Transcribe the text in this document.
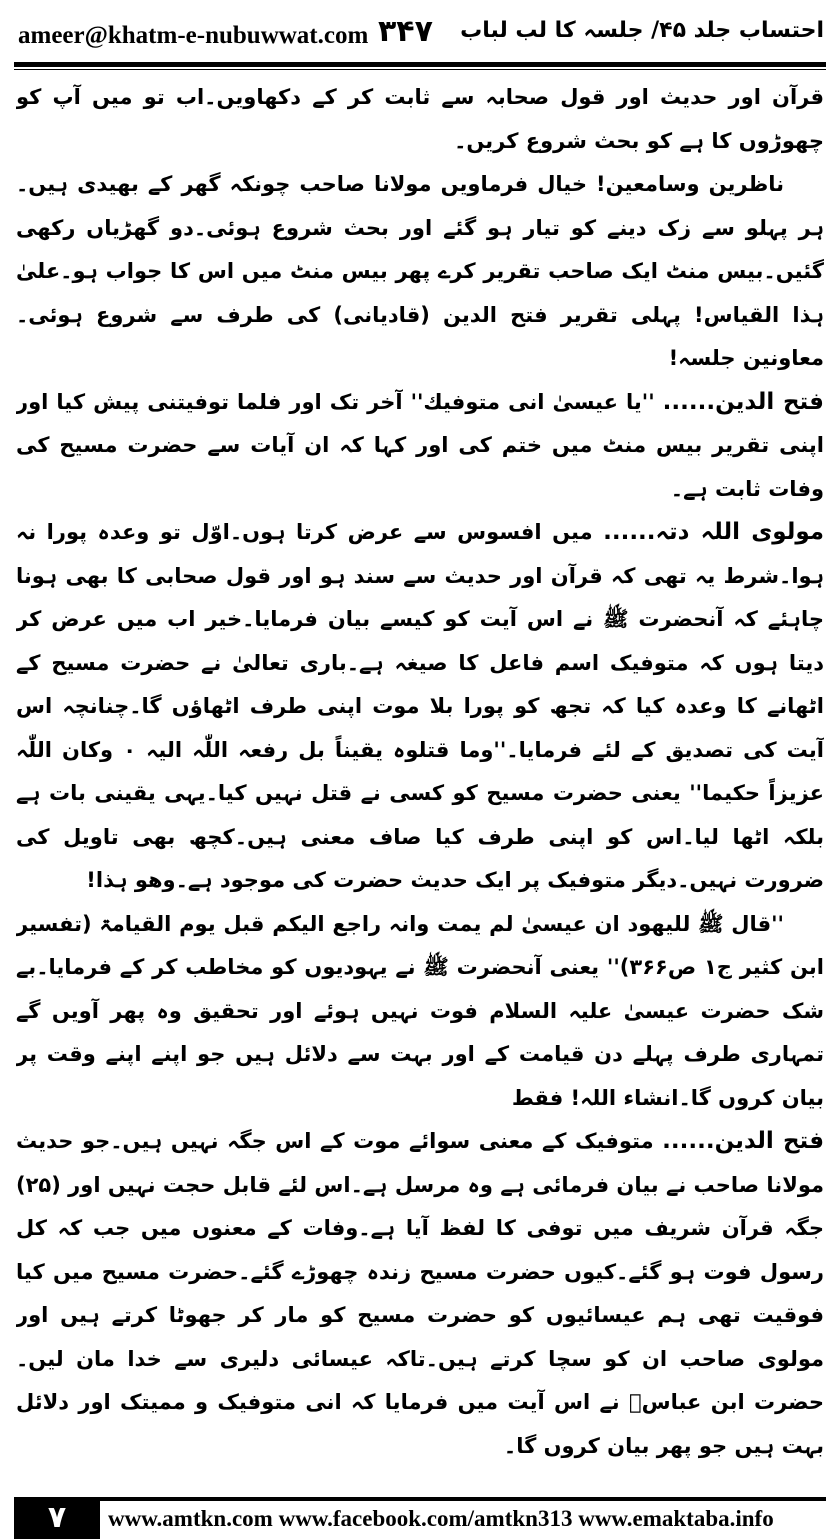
ameer@khatm-e-nubuwwat.com ۳۴۷ احتساب جلد ۴۵/ جلسہ کا لب لباب

قرآن اور حدیث اور قول صحابہ سے ثابت کر کے دکھاویں۔اب تو میں آپ کو چھوڑوں کا ہے کو بحث شروع کریں۔

ناظرین وسامعین! خیال فرماویں مولانا صاحب چونکہ گھر کے بھیدی ہیں۔ہر پہلو سے زک دینے کو تیار ہو گئے اور بحث شروع ہوئی۔دو گھڑیاں رکھی گئیں۔بیس منٹ ایک صاحب تقریر کرے پھر بیس منٹ میں اس کا جواب ہو۔علیٰ ہذا القیاس! پہلی تقریر فتح الدین (قادیانی) کی طرف سے شروع ہوئی۔معاونین جلسہ!

فتح الدین...... ''یا عیسیٰ انی متوفیك'' آخر تک اور فلما توفیتنی پیش کیا اور اپنی تقریر بیس منٹ میں ختم کی اور کہا کہ ان آیات سے حضرت مسیح کی وفات ثابت ہے۔

مولوی اللہ دتہ...... میں افسوس سے عرض کرتا ہوں۔اوّل تو وعدہ پورا نہ ہوا۔شرط یہ تھی کہ قرآن اور حدیث سے سند ہو اور قول صحابی کا بھی ہونا چاہئے کہ آنحضرت ﷺ نے اس آیت کو کیسے بیان فرمایا۔خیر اب میں عرض کر دیتا ہوں کہ متوفیک اسم فاعل کا صیغہ ہے۔باری تعالیٰ نے حضرت مسیح کے اٹھانے کا وعدہ کیا کہ تجھ کو پورا بلا موت اپنی طرف اٹھاؤں گا۔چنانچہ اس آیت کی تصدیق کے لئے فرمایا۔''وما قتلوہ یقیناً بل رفعہ اللّٰہ الیہ ۰ وکان اللّٰہ عزیزاً حکیما'' یعنی حضرت مسیح کو کسی نے قتل نہیں کیا۔یہی یقینی بات ہے بلکہ اٹھا لیا۔اس کو اپنی طرف کیا صاف معنی ہیں۔کچھ بھی تاویل کی ضرورت نہیں۔دیگر متوفیک پر ایک حدیث حضرت کی موجود ہے۔وھو ہذا!

''قال ﷺ للیھود ان عیسیٰ لم یمت وانہ راجع الیکم قبل یوم القیامۃ (تفسیر ابن کثیر ج۱ ص۳۶۶)'' یعنی آنحضرت ﷺ نے یہودیوں کو مخاطب کر کے فرمایا۔بے شک حضرت عیسیٰ علیہ السلام فوت نہیں ہوئے اور تحقیق وہ پھر آویں گے تمہاری طرف پہلے دن قیامت کے اور بہت سے دلائل ہیں جو اپنے اپنے وقت پر بیان کروں گا۔انشاء اللہ! فقط

فتح الدین...... متوفیک کے معنی سوائے موت کے اس جگہ نہیں ہیں۔جو حدیث مولانا صاحب نے بیان فرمائی ہے وہ مرسل ہے۔اس لئے قابل حجت نہیں اور (۲۵) جگہ قرآن شریف میں توفی کا لفظ آیا ہے۔وفات کے معنوں میں جب کہ کل رسول فوت ہو گئے۔کیوں حضرت مسیح زندہ چھوڑے گئے۔حضرت مسیح میں کیا فوقیت تھی ہم عیسائیوں کو حضرت مسیح کو مار کر جھوٹا کرتے ہیں اور مولوی صاحب ان کو سچا کرتے ہیں۔تاکہ عیسائی دلیری سے خدا مان لیں۔حضرت ابن عباسؓ نے اس آیت میں فرمایا کہ انی متوفیک و ممیتک اور دلائل بہت ہیں جو پھر بیان کروں گا۔

۷	www.amtkn.com www.facebook.com/amtkn313 www.emaktaba.info
